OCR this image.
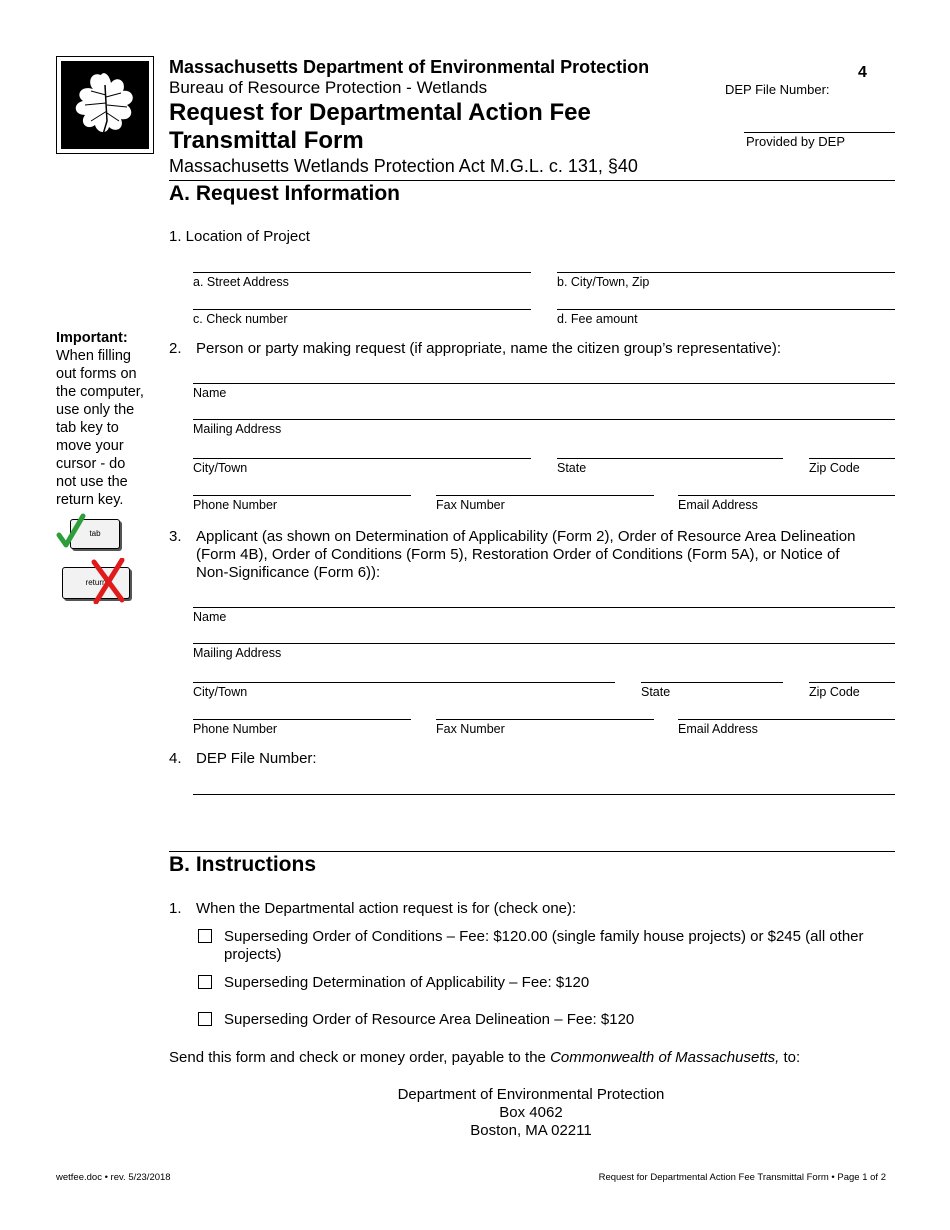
Massachusetts Department of Environmental Protection
Bureau of Resource Protection - Wetlands
Request for Departmental Action Fee
Transmittal Form
Massachusetts Wetlands Protection Act M.G.L. c. 131, §40
4
DEP File Number:
Provided by DEP
A. Request Information
1. Location of Project
a. Street Address	b. City/Town, Zip
c. Check number	d. Fee amount
Important:
When filling
out forms on
the computer,
use only the
tab key to
move your
cursor - do
not use the
return key.
tab
return
2. Person or party making request (if appropriate, name the citizen group’s representative):
Name
Mailing Address
City/Town	State	Zip Code
Phone Number	Fax Number	Email Address
3. Applicant (as shown on Determination of Applicability (Form 2), Order of Resource Area Delineation
(Form 4B), Order of Conditions (Form 5), Restoration Order of Conditions (Form 5A), or Notice of
Non-Significance (Form 6)):
Name
Mailing Address
City/Town	State	Zip Code
Phone Number	Fax Number	Email Address
4. DEP File Number:
B. Instructions
1. When the Departmental action request is for (check one):
Superseding Order of Conditions – Fee: $120.00 (single family house projects) or $245 (all other
projects)
Superseding Determination of Applicability – Fee: $120
Superseding Order of Resource Area Delineation – Fee: $120
Send this form and check or money order, payable to the Commonwealth of Massachusetts, to:
Department of Environmental Protection
Box 4062
Boston, MA 02211
wetfee.doc • rev. 5/23/2018	Request for Departmental Action Fee Transmittal Form • Page 1 of 2
